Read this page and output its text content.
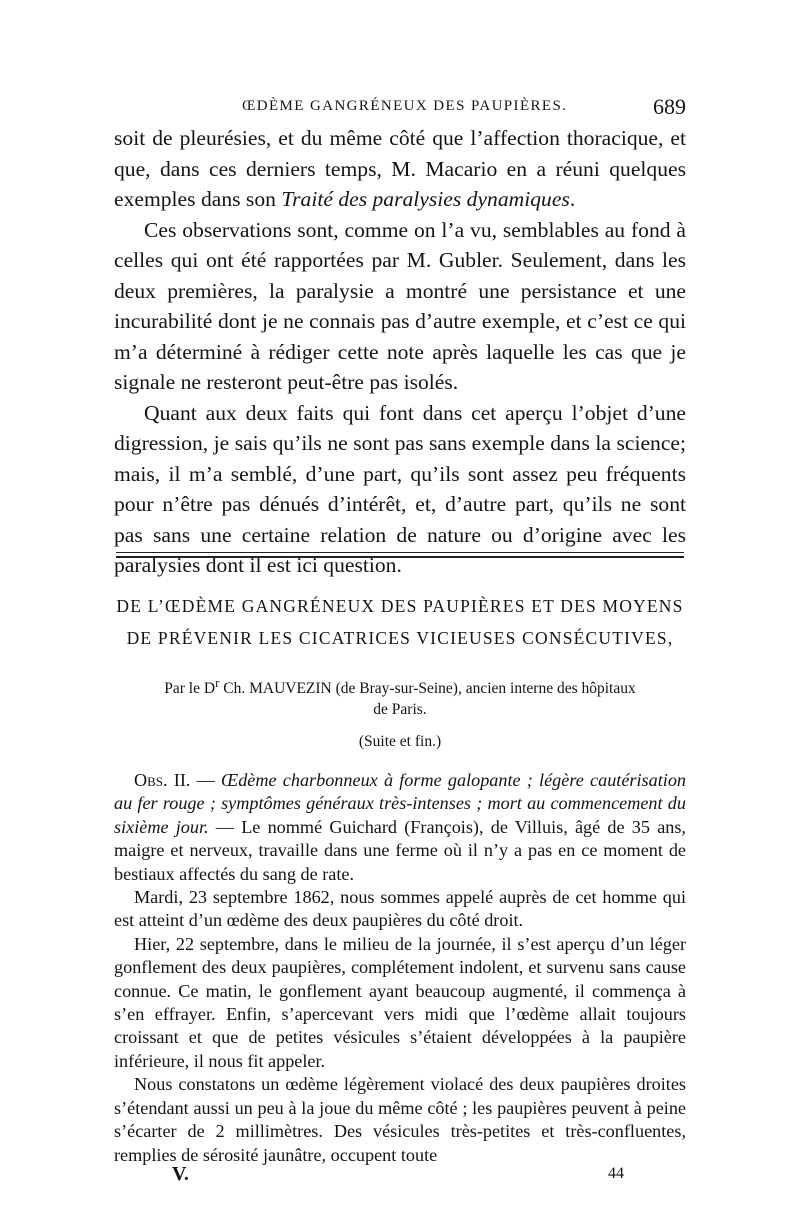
ŒDÈME GANGRÉNEUX DES PAUPIÈRES.	689

soit de pleurésies, et du même côté que l’affection thoracique, et que, dans ces derniers temps, M. Macario en a réuni quelques exemples dans son Traité des paralysies dynamiques.

Ces observations sont, comme on l’a vu, semblables au fond à celles qui ont été rapportées par M. Gubler. Seulement, dans les deux premières, la paralysie a montré une persistance et une incurabilité dont je ne connais pas d’autre exemple, et c’est ce qui m’a déterminé à rédiger cette note après laquelle les cas que je signale ne resteront peut-être pas isolés.

Quant aux deux faits qui font dans cet aperçu l’objet d’une digression, je sais qu’ils ne sont pas sans exemple dans la science; mais, il m’a semblé, d’une part, qu’ils sont assez peu fréquents pour n’être pas dénués d’intérêt, et, d’autre part, qu’ils ne sont pas sans une certaine relation de nature ou d’origine avec les paralysies dont il est ici question.

DE L’ŒDÈME GANGRÉNEUX DES PAUPIÈRES ET DES MOYENS
DE PRÉVENIR LES CICATRICES VICIEUSES CONSÉCUTIVES,
Par le $D^r$ Ch. MAUVEZIN (de Bray-sur-Seine), ancien interne des hôpitaux
de Paris.
(Suite et fin.)

Obs. II. — Œdème charbonneux à forme galopante ; légère cautérisation au fer rouge ; symptômes généraux très-intenses ; mort au commencement du sixième jour. — Le nommé Guichard (François), de Villuis, âgé de 35 ans, maigre et nerveux, travaille dans une ferme où il n’y a pas en ce moment de bestiaux affectés du sang de rate.

Mardi, 23 septembre 1862, nous sommes appelé auprès de cet homme qui est atteint d’un œdème des deux paupières du côté droit.

Hier, 22 septembre, dans le milieu de la journée, il s’est aperçu d’un léger gonflement des deux paupières, complétement indolent, et survenu sans cause connue. Ce matin, le gonflement ayant beaucoup augmenté, il commença à s’en effrayer. Enfin, s’apercevant vers midi que l’œdème allait toujours croissant et que de petites vésicules s’étaient développées à la paupière inférieure, il nous fit appeler.

Nous constatons un œdème légèrement violacé des deux paupières droites s’étendant aussi un peu à la joue du même côté ; les paupières peuvent à peine s’écarter de 2 millimètres. Des vésicules très-petites et très-confluentes, remplies de sérosité jaunâtre, occupent toute

V.	44
